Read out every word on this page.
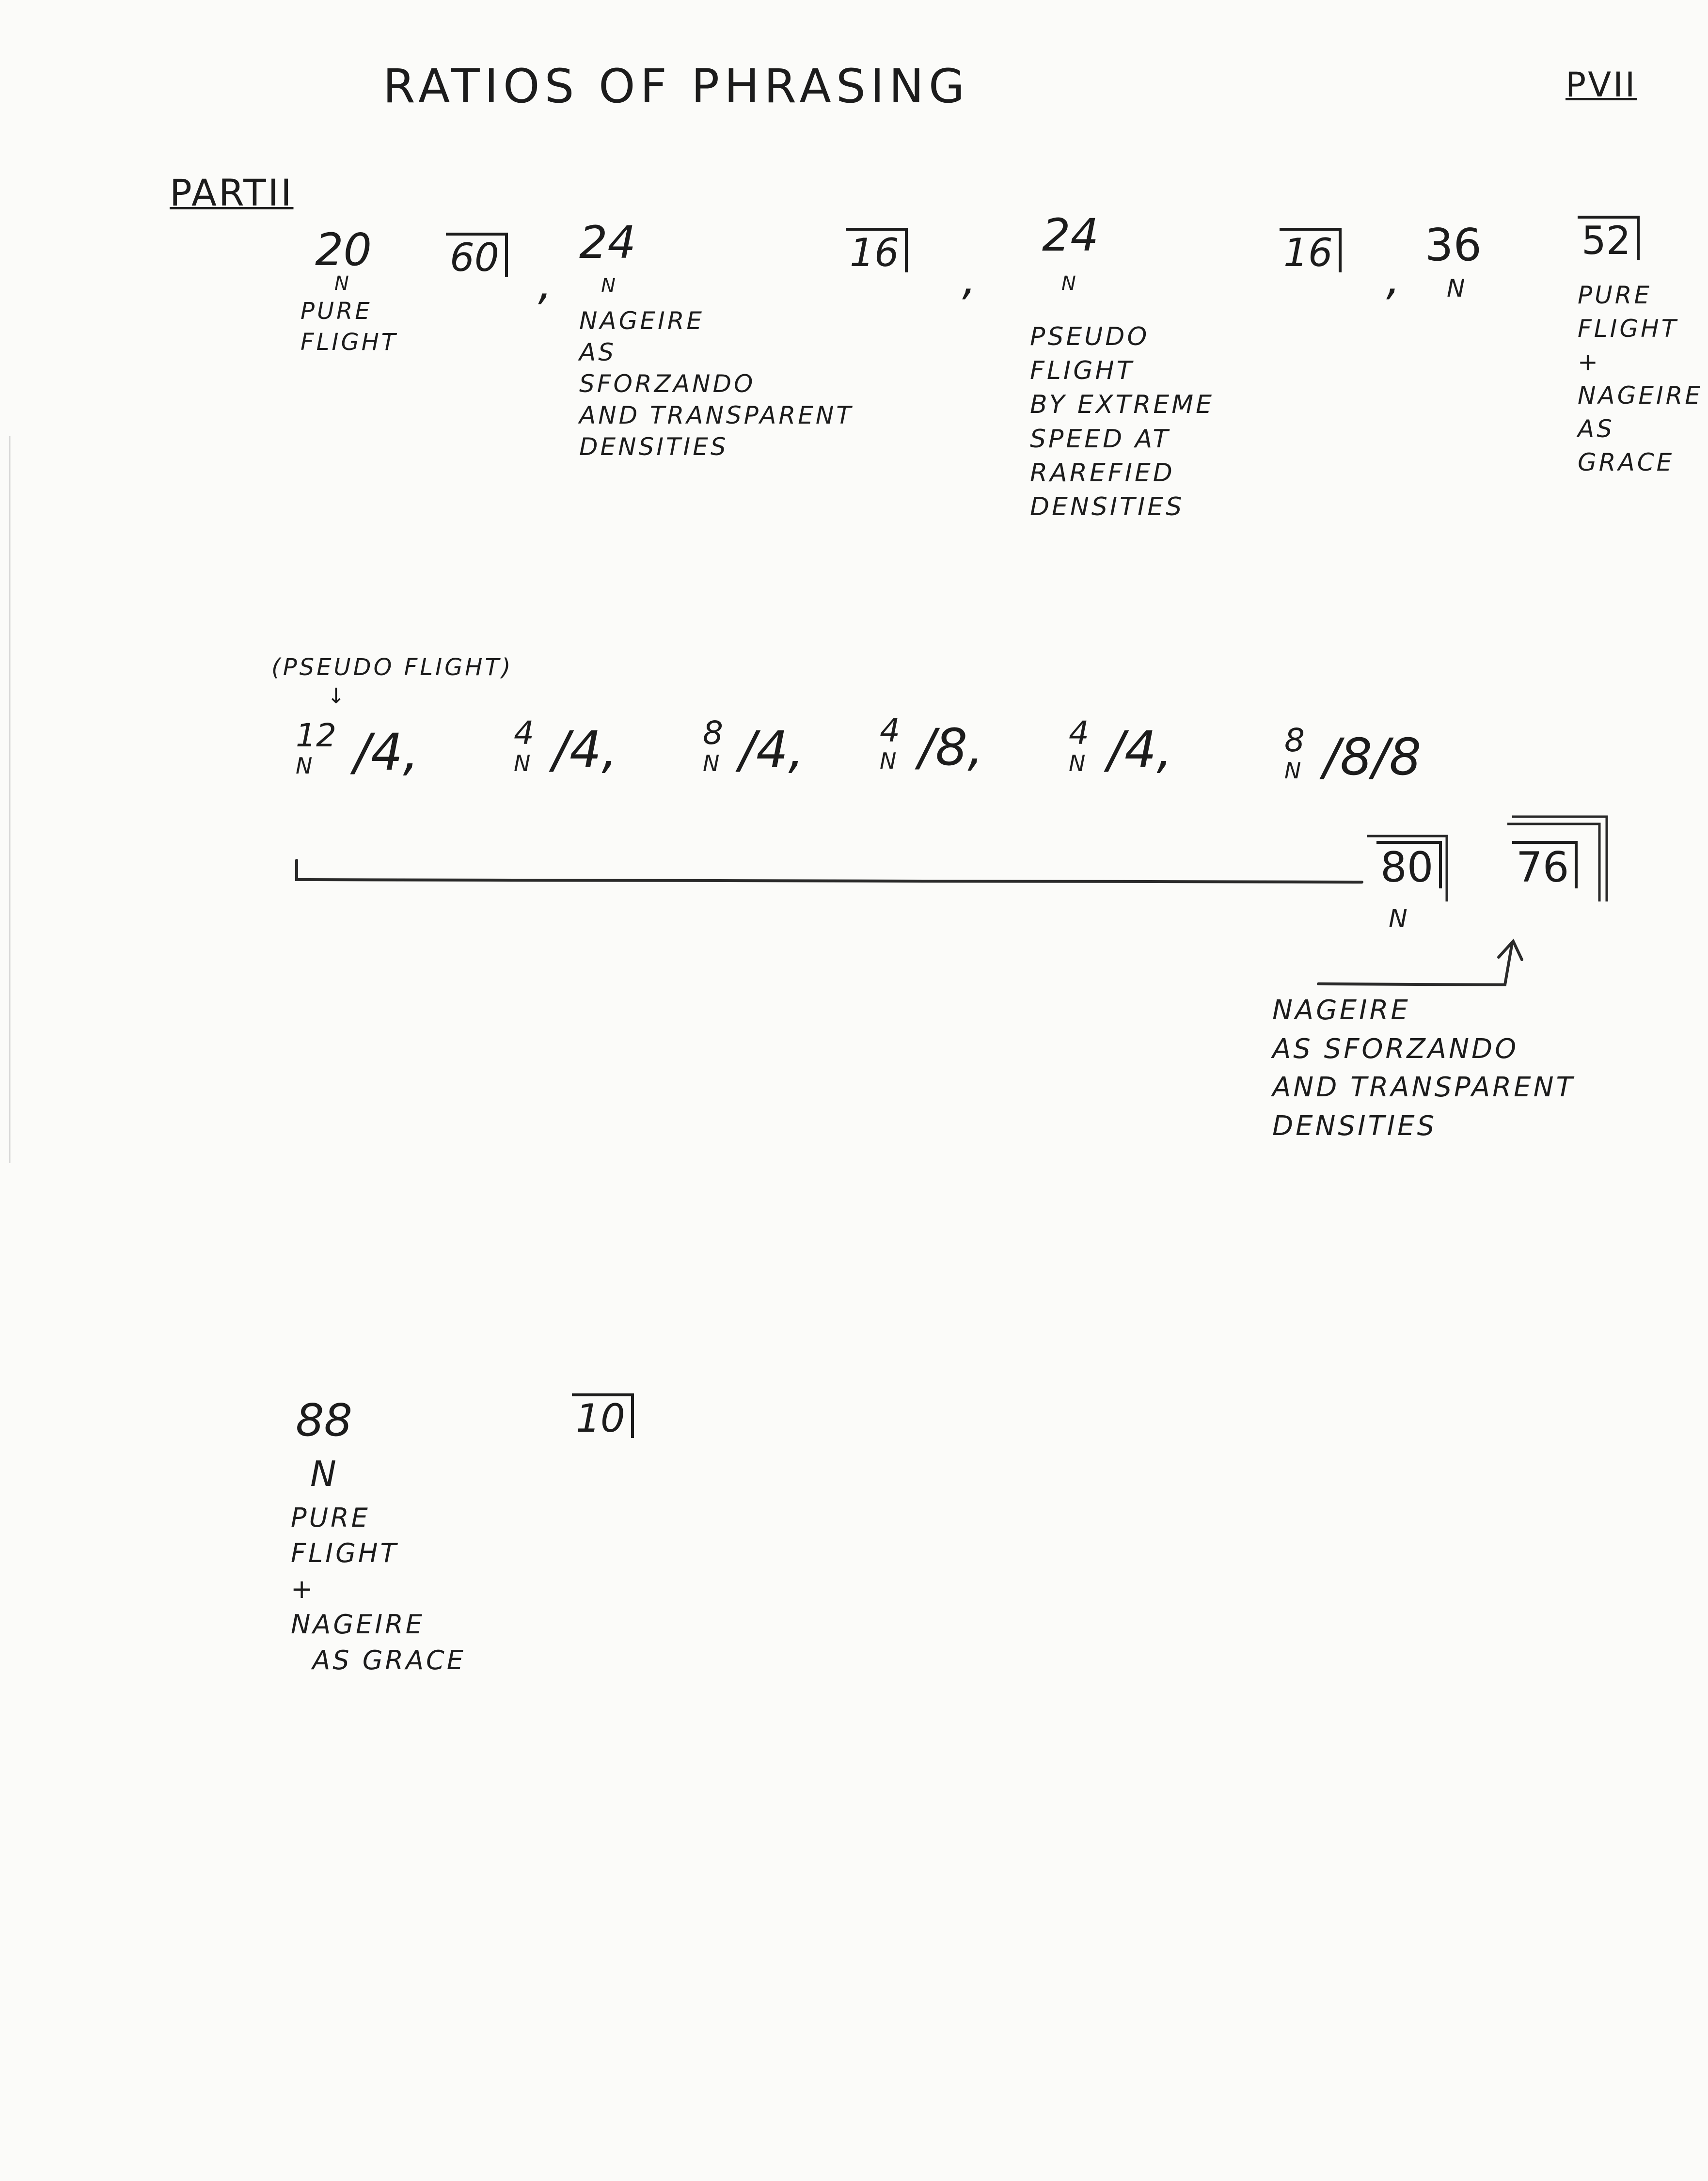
RATIOS OF PHRASING	PVII
PARTII
20
N
PURE
FLIGHT
60
,
24
N
NAGEIRE
AS
SFORZANDO
AND TRANSPARENT
DENSITIES
16
,
24
N
PSEUDO
FLIGHT
BY EXTREME
SPEED AT
RAREFIED
DENSITIES
16
,
36
N
52
PURE
FLIGHT
+
NAGEIRE
AS
GRACE
(PSEUDO FLIGHT)
↓
12
N /4,	4
N /4,	8
N /4, 4
N /8,	4
N /4,	8
N /8/8
80
N
76
NAGEIRE
AS SFORZANDO
AND TRANSPARENT
DENSITIES
88
N
PURE
FLIGHT
+
NAGEIRE
AS GRACE
10
